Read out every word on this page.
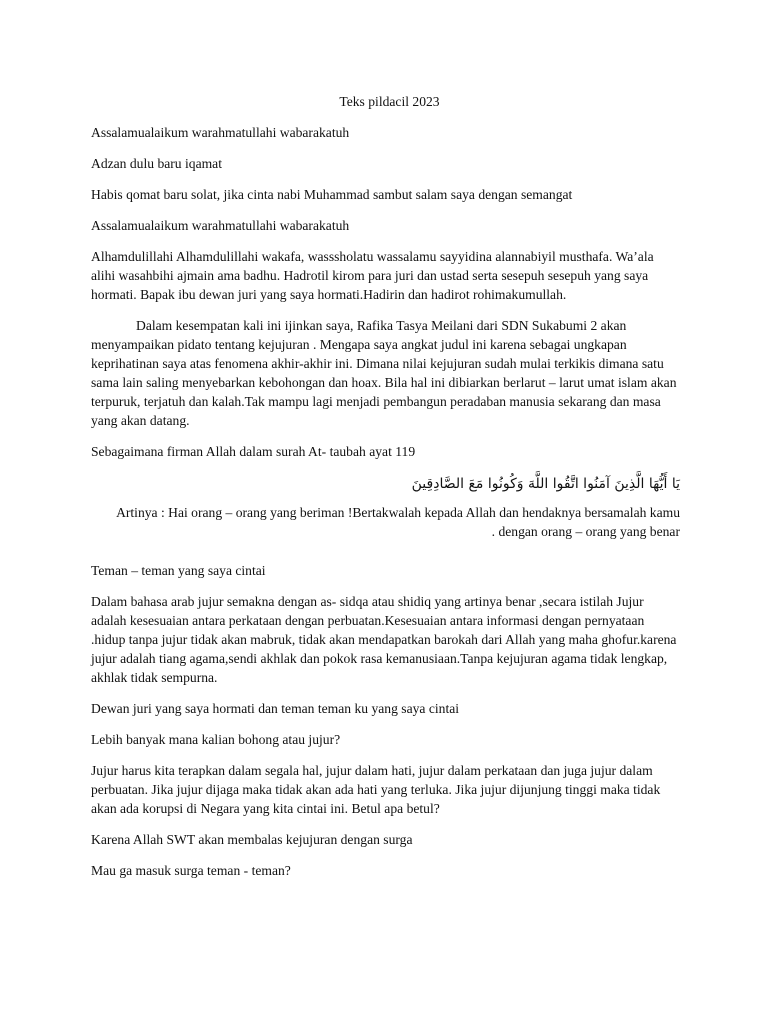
Teks pildacil 2023

Assalamualaikum warahmatullahi wabarakatuh

Adzan dulu baru iqamat

Habis qomat baru solat, jika cinta nabi Muhammad sambut salam saya dengan semangat

Assalamualaikum warahmatullahi wabarakatuh

Alhamdulillahi Alhamdulillahi wakafa, wasssholatu wassalamu sayyidina alannabiyil musthafa. Wa’ala alihi wasahbihi ajmain ama badhu. Hadrotil kirom para juri dan ustad serta sesepuh sesepuh yang saya hormati. Bapak ibu dewan juri yang saya hormati.Hadirin dan hadirot rohimakumullah.

Dalam kesempatan kali ini ijinkan saya, Rafika Tasya Meilani dari SDN Sukabumi 2 akan menyampaikan pidato tentang kejujuran . Mengapa saya angkat judul ini karena sebagai ungkapan keprihatinan saya atas fenomena akhir-akhir ini. Dimana nilai kejujuran sudah mulai terkikis dimana satu sama lain saling menyebarkan kebohongan dan hoax. Bila hal ini dibiarkan berlarut – larut umat islam akan terpuruk, terjatuh dan kalah.Tak mampu lagi menjadi pembangun peradaban manusia sekarang dan masa yang akan datang.

Sebagaimana firman Allah dalam surah At- taubah ayat 119

يَا أَيُّهَا الَّذِينَ آمَنُوا اتَّقُوا اللَّهَ وَكُونُوا مَعَ الصَّادِقِينَ

Artinya : Hai orang – orang yang beriman !Bertakwalah kepada Allah dan hendaknya bersamalah kamu
. dengan orang – orang yang benar

Teman – teman yang saya cintai

Dalam bahasa arab jujur semakna dengan as- sidqa atau shidiq yang artinya benar ,secara istilah Jujur adalah kesesuaian antara perkataan dengan perbuatan.Kesesuaian antara informasi dengan pernyataan .hidup tanpa jujur tidak akan mabruk, tidak akan mendapatkan barokah dari Allah yang maha ghofur.karena jujur adalah tiang agama,sendi akhlak dan pokok rasa kemanusiaan.Tanpa kejujuran agama tidak lengkap, akhlak tidak sempurna.

Dewan juri yang saya hormati dan teman teman ku yang saya cintai

Lebih banyak mana kalian bohong atau jujur?

Jujur harus kita terapkan dalam segala hal, jujur dalam hati, jujur dalam perkataan dan juga jujur dalam perbuatan. Jika jujur dijaga maka tidak akan ada hati yang terluka. Jika jujur dijunjung tinggi maka tidak akan ada korupsi di Negara yang kita cintai ini. Betul apa betul?

Karena Allah SWT akan membalas kejujuran dengan surga

Mau ga masuk surga teman - teman?
